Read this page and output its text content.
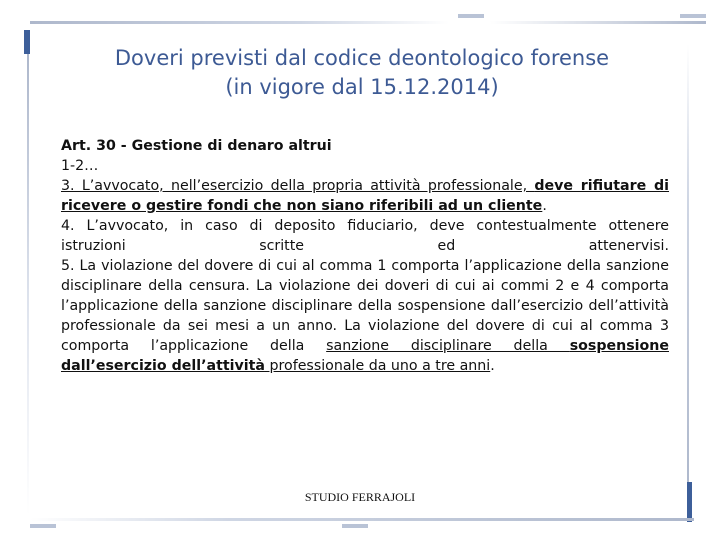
Doveri previsti dal codice deontologico forense
(in vigore dal 15.12.2014)

Art. 30 - Gestione di denaro altrui

1-2…

3. L’avvocato, nell’esercizio della propria attività professionale, deve rifiutare di ricevere o gestire fondi che non siano riferibili ad un cliente.

4. L’avvocato, in caso di deposito fiduciario, deve contestualmente ottenere istruzioni scritte ed attenervisi.

5. La violazione del dovere di cui al comma 1 comporta l’applicazione della sanzione disciplinare della censura. La violazione dei doveri di cui ai commi 2 e 4 comporta l’applicazione della sanzione disciplinare della sospensione dall’esercizio dell’attività professionale da sei mesi a un anno. La violazione del dovere di cui al comma 3 comporta l’applicazione della sanzione disciplinare della sospensione dall’esercizio dell’attività professionale da uno a tre anni.

STUDIO FERRAJOLI
